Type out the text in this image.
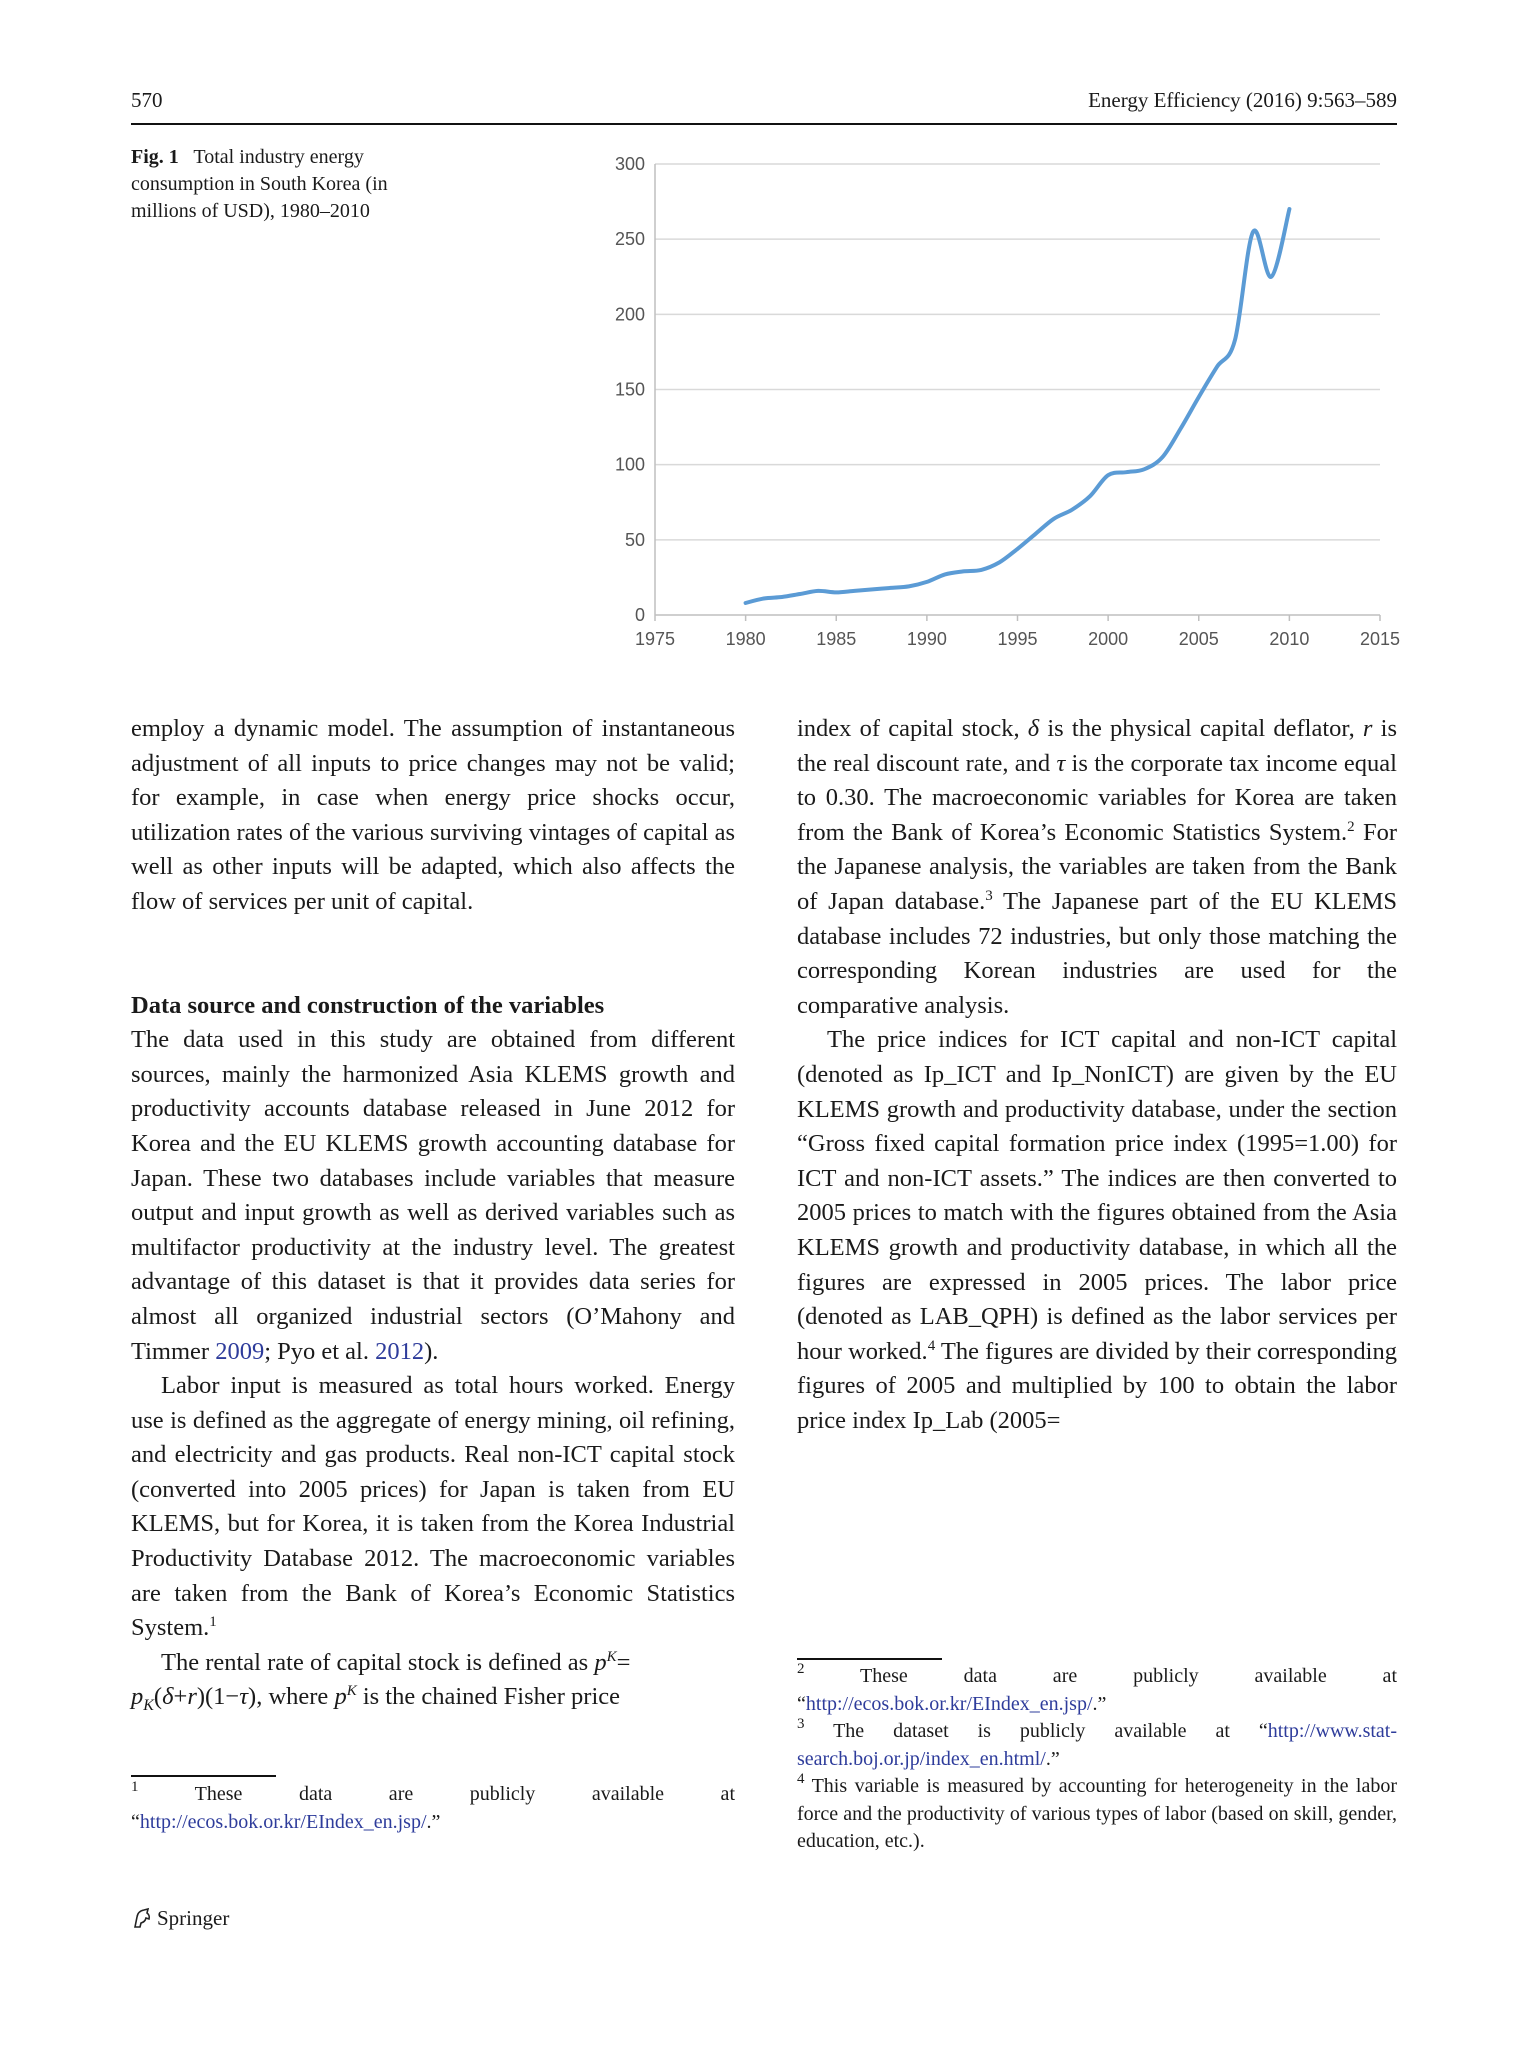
570	Energy Efficiency (2016) 9:563–589
Fig. 1 Total industry energy consumption in South Korea (in millions of USD), 1980–2010
0
50
100
150
200
250
300
1975	1980	1985	1990	1995	2000	2005	2010	2015

employ a dynamic model. The assumption of instantaneous adjustment of all inputs to price changes may not be valid; for example, in case when energy price shocks occur, utilization rates of the various surviving vintages of capital as well as other inputs will be adapted, which also affects the flow of services per unit of capital.

Data source and construction of the variables

The data used in this study are obtained from different sources, mainly the harmonized Asia KLEMS growth and productivity accounts database released in June 2012 for Korea and the EU KLEMS growth accounting database for Japan. These two databases include variables that measure output and input growth as well as derived variables such as multifactor productivity at the industry level. The greatest advantage of this dataset is that it provides data series for almost all organized industrial sectors (O’Mahony and Timmer 2009; Pyo et al. 2012).

Labor input is measured as total hours worked. Energy use is defined as the aggregate of energy mining, oil refining, and electricity and gas products. Real non-ICT capital stock (converted into 2005 prices) for Japan is taken from EU KLEMS, but for Korea, it is taken from the Korea Industrial Productivity Database 2012. The macroeconomic variables are taken from the Bank of Korea’s Economic Statistics System.$^1$

The rental rate of capital stock is defined as $p^K=$
$p_K(\delta+r)(1-\tau)$, where $p^K$ is the chained Fisher price

$^1$ These data are publicly available at “http://ecos.bok.or.kr/EIndex_en.jsp/.”

index of capital stock, δ is the physical capital deflator, r is the real discount rate, and τ is the corporate tax income equal to 0.30. The macroeconomic variables for Korea are taken from the Bank of Korea’s Economic Statistics System.$^2$ For the Japanese analysis, the variables are taken from the Bank of Japan database.$^3$ The Japanese part of the EU KLEMS database includes 72 industries, but only those matching the corresponding Korean industries are used for the comparative analysis.

The price indices for ICT capital and non-ICT capital (denoted as Ip_ICT and Ip_NonICT) are given by the EU KLEMS growth and productivity database, under the section “Gross fixed capital formation price index (1995=1.00) for ICT and non-ICT assets.” The indices are then converted to 2005 prices to match with the figures obtained from the Asia KLEMS growth and productivity database, in which all the figures are expressed in 2005 prices. The labor price (denoted as LAB_QPH) is defined as the labor services per hour worked.$^4$ The figures are divided by their corresponding figures of 2005 and multiplied by 100 to obtain the labor price index Ip_Lab (2005=

$^2$ These data are publicly available at “http://ecos.bok.or.kr/EIndex_en.jsp/.”

$^3$ The dataset is publicly available at “http://www.stat-search.boj.or.jp/index_en.html/.”

$^4$ This variable is measured by accounting for heterogeneity in the labor force and the productivity of various types of labor (based on skill, gender, education, etc.).

Springer
